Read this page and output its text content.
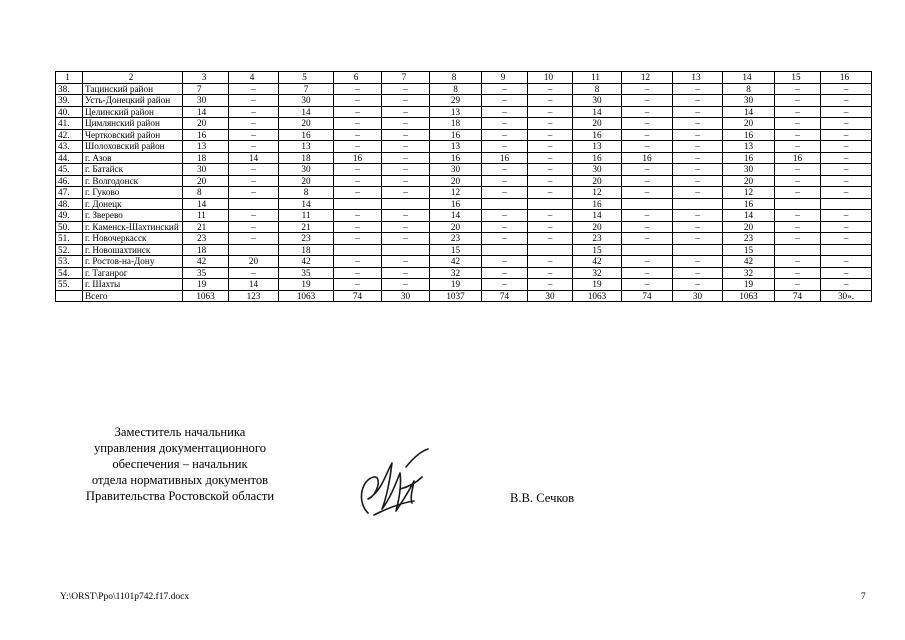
1	2	3	4	5	6	7	8	9	10	11	12	13	14	15	16
38.	Тацинский район	7	–	7	–	–	8	–	–	8	–	–	8	–	–
39.	Усть-Донецкий район	30	–	30	–	–	29	–	–	30	–	–	30	–	–
40.	Целинский район	14	–	14	–	–	13	–	–	14	–	–	14	–	–
41.	Цимлянский район	20	–	20	–	–	18	–	–	20	–	–	20	–	–
42.	Чертковский район	16	–	16	–	–	16	–	–	16	–	–	16	–	–
43.	Шолоховский район	13	–	13	–	–	13	–	–	13	–	–	13	–	–
44.	г. Азов	18	14	18	16	–	16	16	–	16	16	–	16	16	–
45.	г. Батайск	30	–	30	–	–	30	–	–	30	–	–	30	–	–
46.	г. Волгодонск	20	–	20	–	–	20	–	–	20	–	–	20	–	–
47.	г. Гуково	8	–	8	–	–	12	–	–	12	–	–	12	–	–
48.	г. Донецк	14		14			16			16			16		
49.	г. Зверево	11	–	11	–	–	14	–	–	14	–	–	14	–	–
50.	г. Каменск-Шахтинский	21	–	21	–	–	20	–	–	20	–	–	20	–	–
51.	г. Новочеркасск	23	–	23	–	–	23	–	–	23	–	–	23	–	–
52.	г. Новошахтинск	18		18			15			15			15		
53.	г. Ростов-на-Дону	42	20	42	–	–	42	–	–	42	–	–	42	–	–
54.	г. Таганрог	35	–	35	–	–	32	–	–	32	–	–	32	–	–
55.	г. Шахты	19	14	19	–	–	19	–	–	19	–	–	19	–	–
	Всего	1063	123	1063	74	30	1037	74	30	1063	74	30	1063	74	30».
Заместитель начальника
управления документационного
обеспечения – начальник
отдела нормативных документов
Правительства Ростовской области	В.В. Сечков
Y:\ORST\Ppo\1101p742.f17.docx	7
